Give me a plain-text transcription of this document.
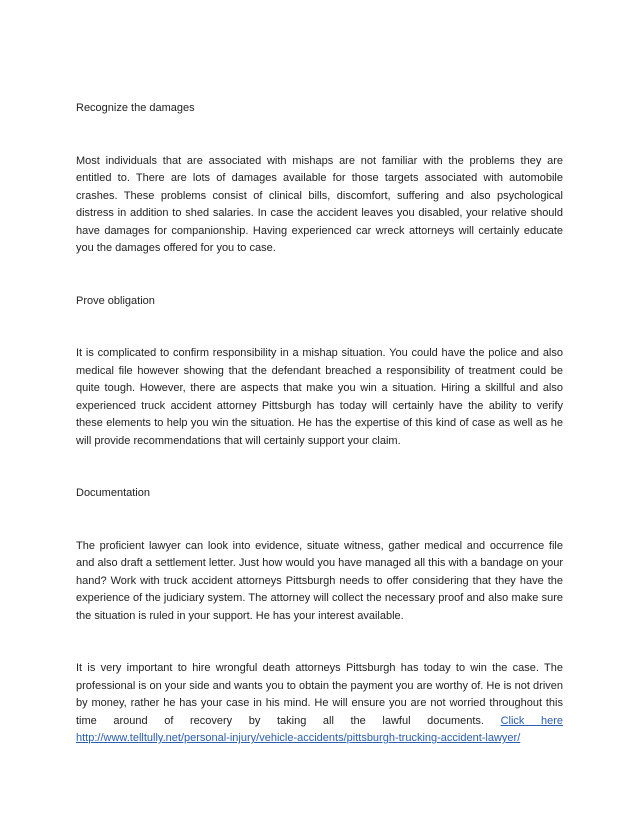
Recognize the damages

Most individuals that are associated with mishaps are not familiar with the problems they are entitled to. There are lots of damages available for those targets associated with automobile crashes. These problems consist of clinical bills, discomfort, suffering and also psychological distress in addition to shed salaries. In case the accident leaves you disabled, your relative should have damages for companionship. Having experienced car wreck attorneys will certainly educate you the damages offered for you to case.

Prove obligation

It is complicated to confirm responsibility in a mishap situation. You could have the police and also medical file however showing that the defendant breached a responsibility of treatment could be quite tough. However, there are aspects that make you win a situation. Hiring a skillful and also experienced truck accident attorney Pittsburgh has today will certainly have the ability to verify these elements to help you win the situation. He has the expertise of this kind of case as well as he will provide recommendations that will certainly support your claim.

Documentation

The proficient lawyer can look into evidence, situate witness, gather medical and occurrence file and also draft a settlement letter. Just how would you have managed all this with a bandage on your hand? Work with truck accident attorneys Pittsburgh needs to offer considering that they have the experience of the judiciary system. The attorney will collect the necessary proof and also make sure the situation is ruled in your support. He has your interest available.

It is very important to hire wrongful death attorneys Pittsburgh has today to win the case. The professional is on your side and wants you to obtain the payment you are worthy of. He is not driven by money, rather he has your case in his mind. He will ensure you are not worried throughout this time around of recovery by taking all the lawful documents. Click here http://www.telltully.net/personal-injury/vehicle-accidents/pittsburgh-trucking-accident-lawyer/
